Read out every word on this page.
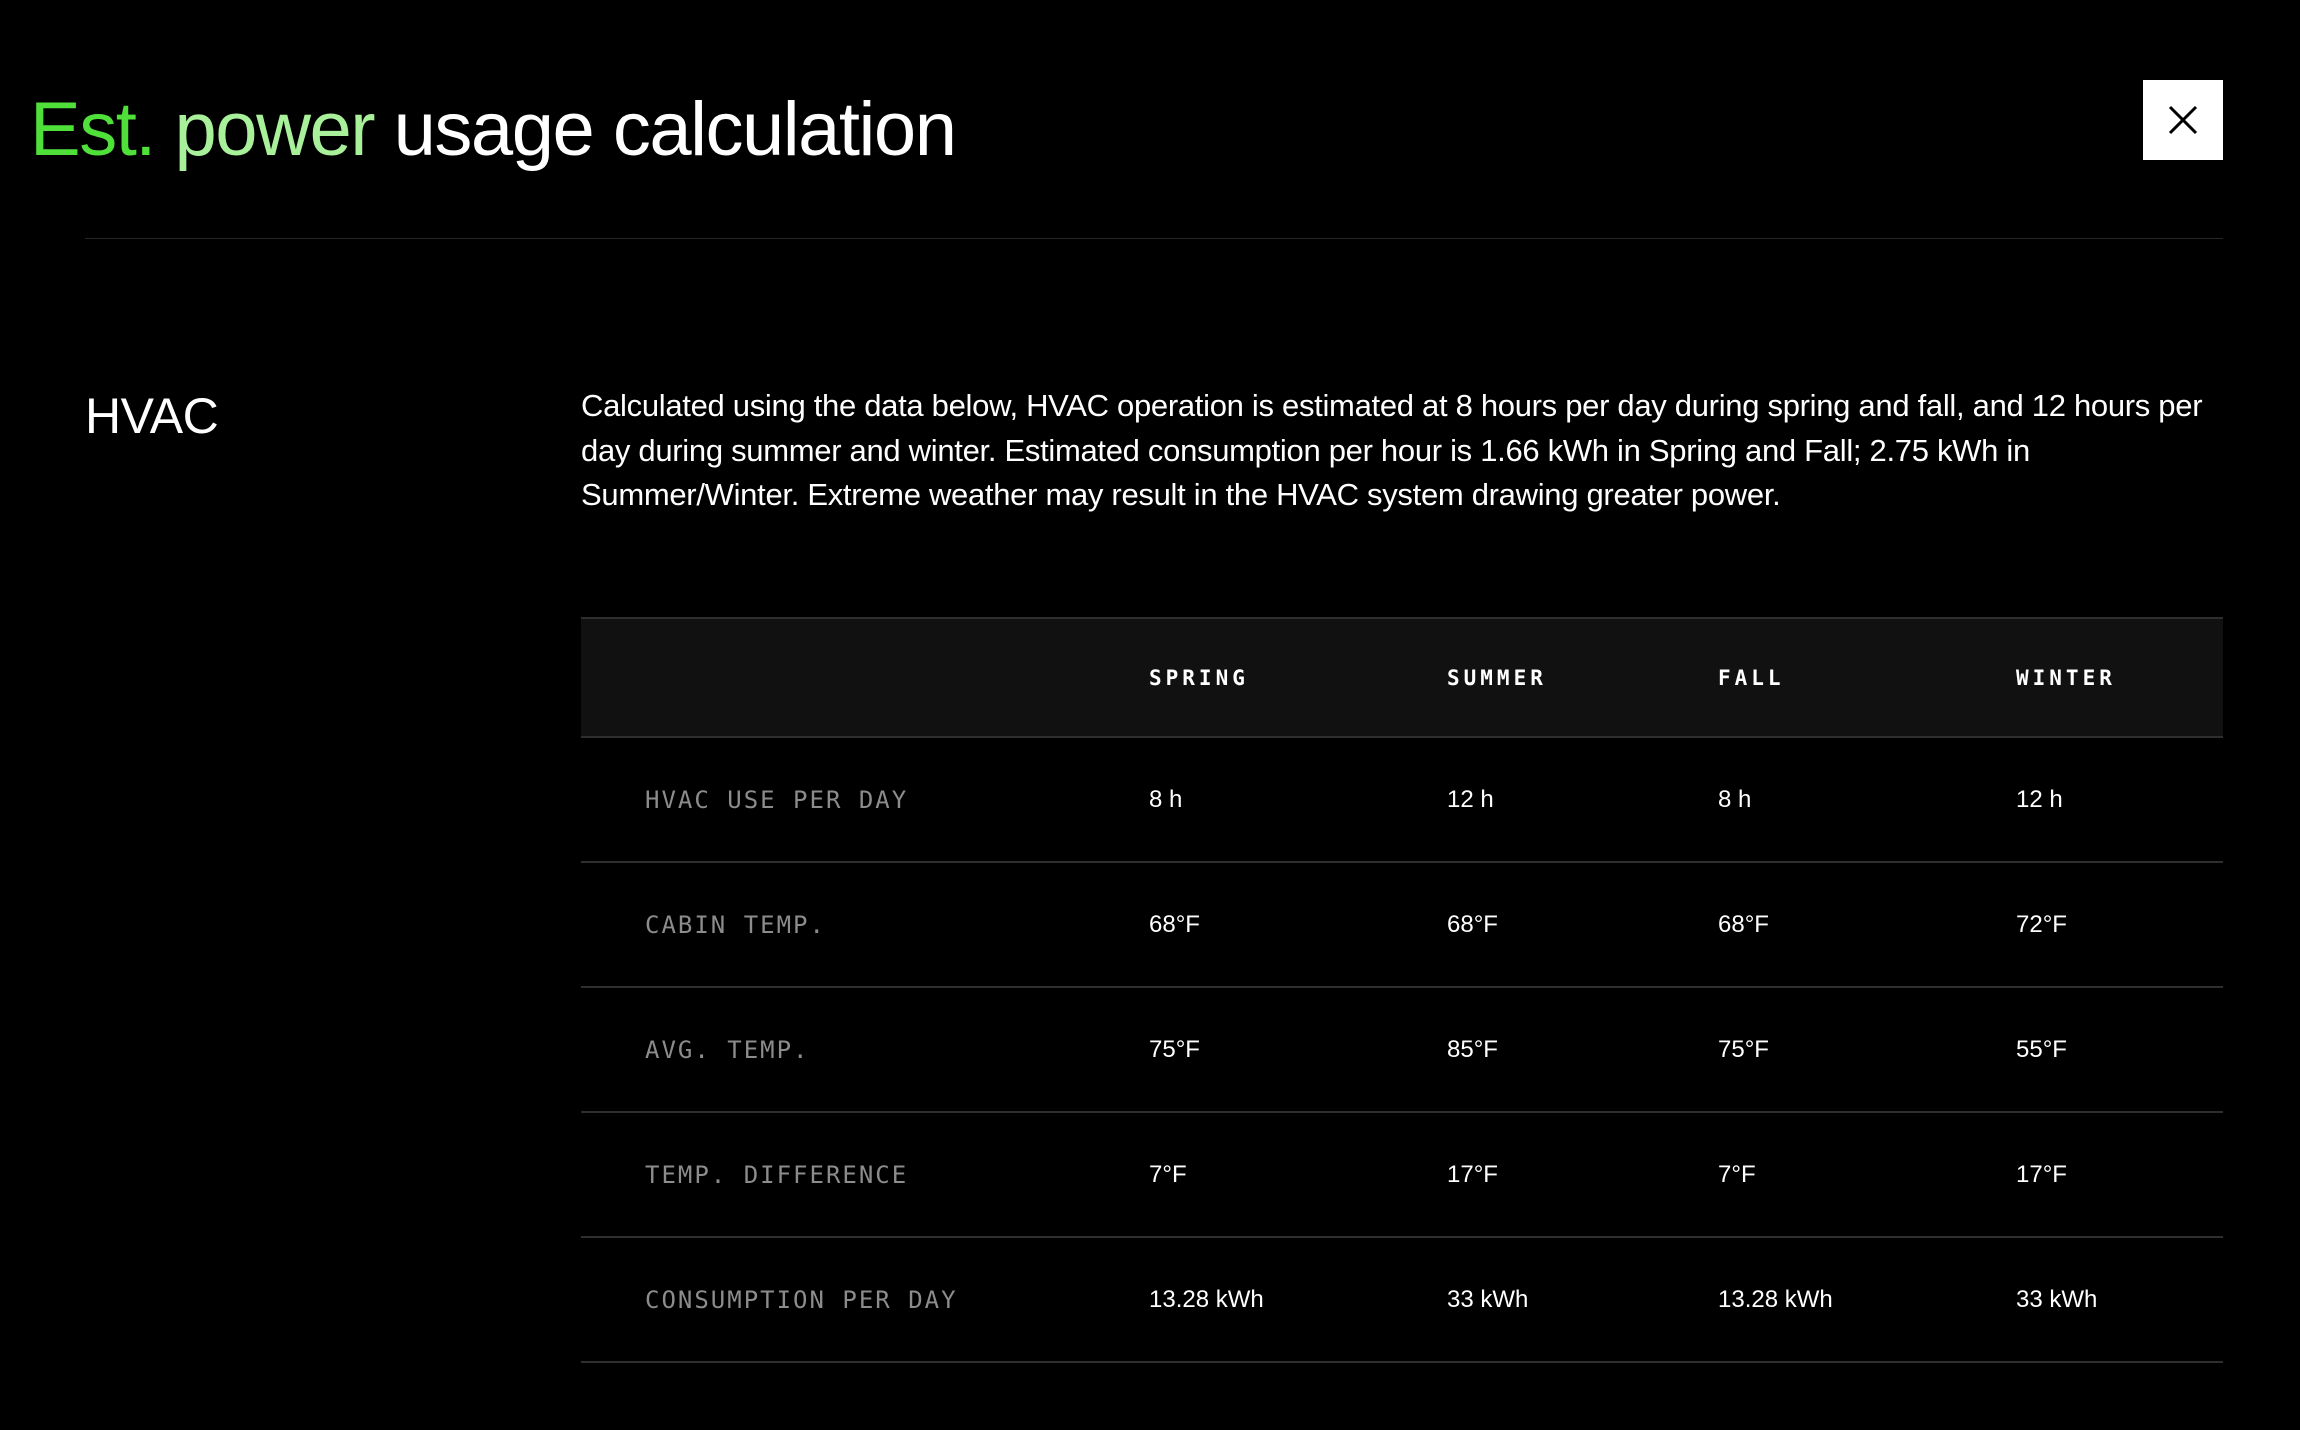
Est. power usage calculation
HVAC	Calculated using the data below, HVAC operation is estimated at 8 hours per day during spring and fall, and 12 hours per day during summer and winter. Estimated consumption per hour is 1.66 kWh in Spring and Fall; 2.75 kWh in Summer/Winter. Extreme weather may result in the HVAC system drawing greater power.

	SPRING	SUMMER	FALL	WINTER
HVAC USE PER DAY	8 h	12 h	8 h	12 h
CABIN TEMP.	68°F	68°F	68°F	72°F
AVG. TEMP.	75°F	85°F	75°F	55°F
TEMP. DIFFERENCE	7°F	17°F	7°F	17°F
CONSUMPTION PER DAY	13.28 kWh	33 kWh	13.28 kWh	33 kWh
